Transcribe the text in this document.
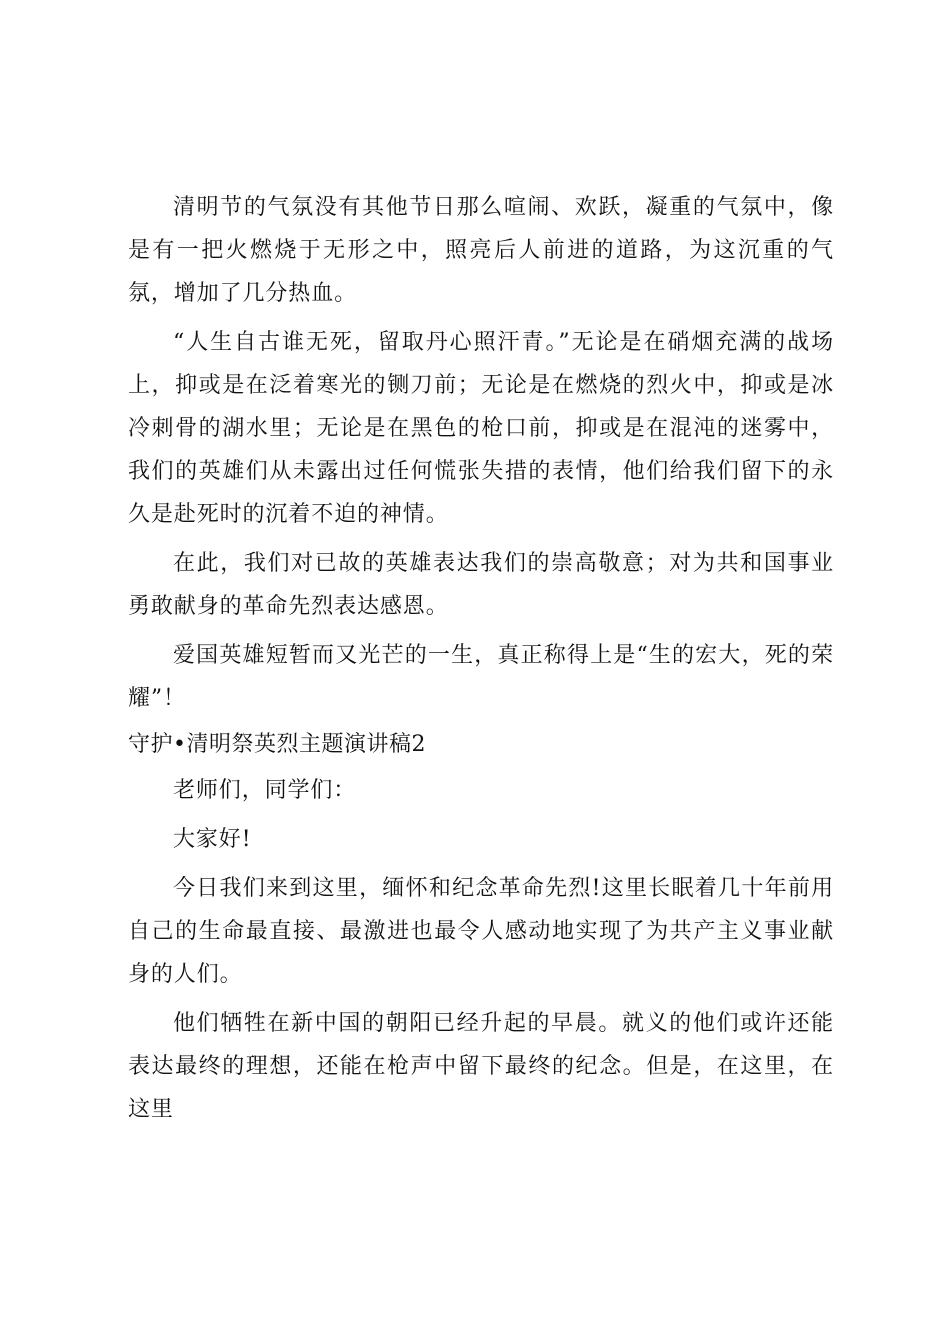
清明节的气氛没有其他节日那么喧闹、欢跃，凝重的气氛中，像是有一把火燃烧于无形之中，照亮后人前进的道路，为这沉重的气氛，增加了几分热血。

“人生自古谁无死，留取丹心照汗青。”无论是在硝烟充满的战场上，抑或是在泛着寒光的铡刀前；无论是在燃烧的烈火中，抑或是冰冷刺骨的湖水里；无论是在黑色的枪口前，抑或是在混沌的迷雾中，我们的英雄们从未露出过任何慌张失措的表情，他们给我们留下的永久是赴死时的沉着不迫的神情。

在此，我们对已故的英雄表达我们的崇高敬意；对为共和国事业勇敢献身的革命先烈表达感恩。

爱国英雄短暂而又光芒的一生，真正称得上是“生的宏大，死的荣耀”！

守护•清明祭英烈主题演讲稿2

老师们，同学们：

大家好!

今日我们来到这里，缅怀和纪念革命先烈!这里长眠着几十年前用自己的生命最直接、最激进也最令人感动地实现了为共产主义事业献身的人们。

他们牺牲在新中国的朝阳已经升起的早晨。就义的他们或许还能表达最终的理想，还能在枪声中留下最终的纪念。但是，在这里，在这里
